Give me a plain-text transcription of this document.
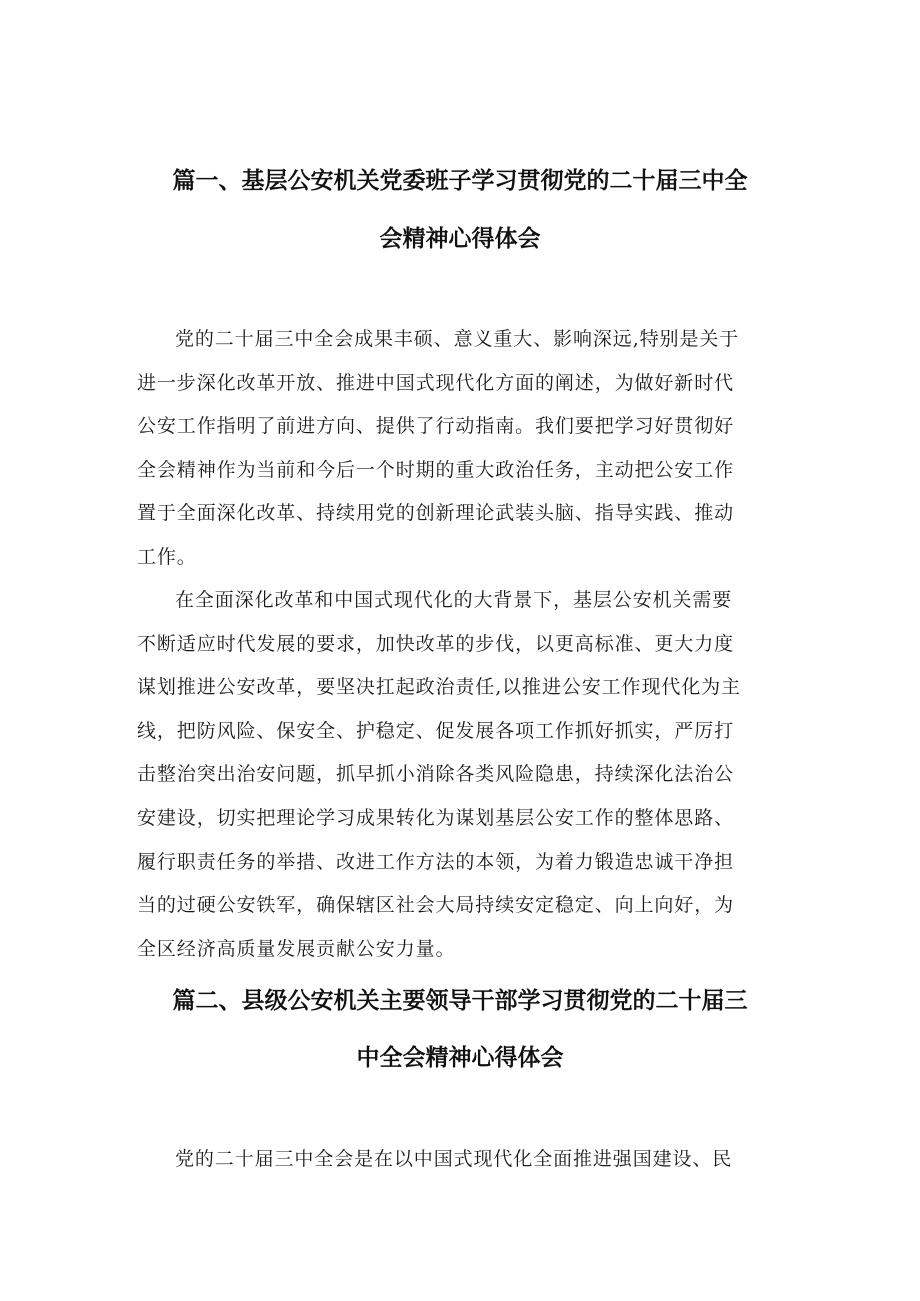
篇一、基层公安机关党委班子学习贯彻党的二十届三中全
会精神心得体会
党的二十届三中全会成果丰硕、意义重大、影响深远,特别是关于
进一步深化改革开放、推进中国式现代化方面的阐述，为做好新时代
公安工作指明了前进方向、提供了行动指南。我们要把学习好贯彻好
全会精神作为当前和今后一个时期的重大政治任务，主动把公安工作
置于全面深化改革、持续用党的创新理论武装头脑、指导实践、推动
工作。
在全面深化改革和中国式现代化的大背景下，基层公安机关需要
不断适应时代发展的要求，加快改革的步伐，以更高标准、更大力度
谋划推进公安改革，要坚决扛起政治责任,以推进公安工作现代化为主
线，把防风险、保安全、护稳定、促发展各项工作抓好抓实，严厉打
击整治突出治安问题，抓早抓小消除各类风险隐患，持续深化法治公
安建设，切实把理论学习成果转化为谋划基层公安工作的整体思路、
履行职责任务的举措、改进工作方法的本领，为着力锻造忠诚干净担
当的过硬公安铁军，确保辖区社会大局持续安定稳定、向上向好，为
全区经济高质量发展贡献公安力量。
篇二、县级公安机关主要领导干部学习贯彻党的二十届三
中全会精神心得体会
党的二十届三中全会是在以中国式现代化全面推进强国建设、民
